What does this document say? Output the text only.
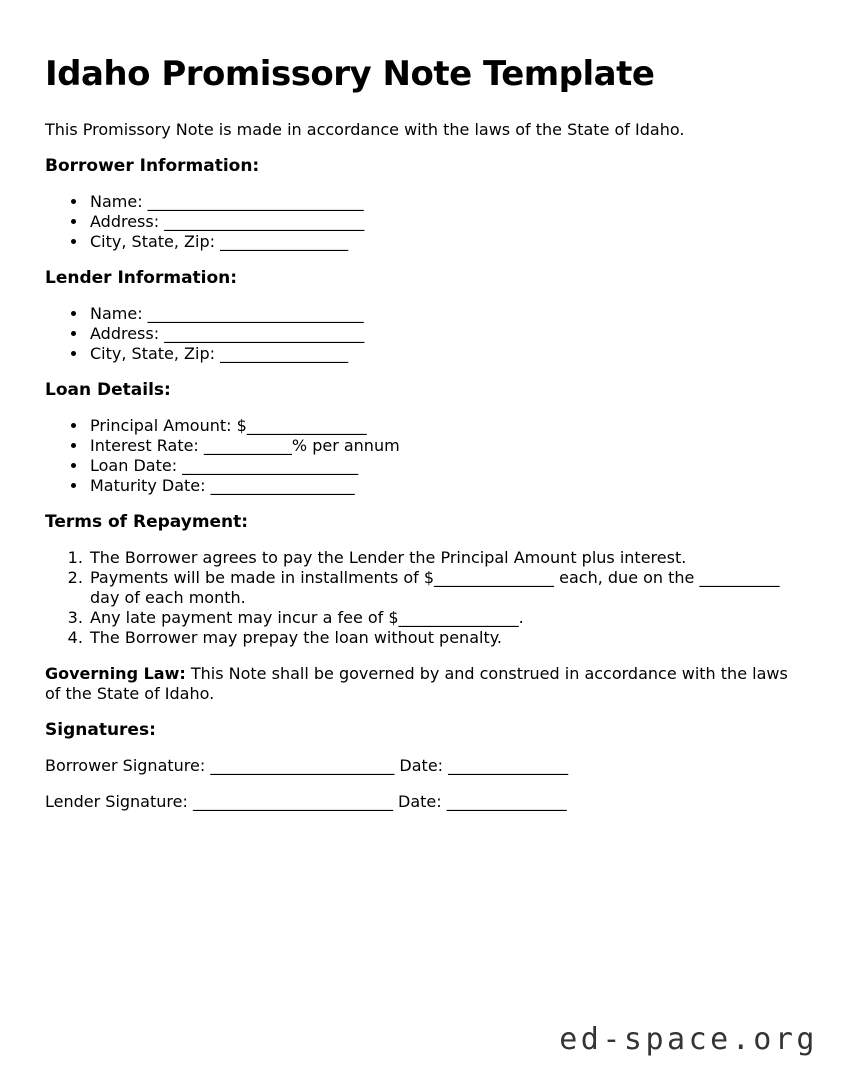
Idaho Promissory Note Template

This Promissory Note is made in accordance with the laws of the State of Idaho.

Borrower Information:
• Name: ___________________________
• Address: _________________________
• City, State, Zip: ________________
Lender Information:
• Name: ___________________________
• Address: _________________________
• City, State, Zip: ________________
Loan Details:
• Principal Amount: $_______________
• Interest Rate: ___________% per annum
• Loan Date: ______________________
• Maturity Date: __________________
Terms of Repayment:
1. The Borrower agrees to pay the Lender the Principal Amount plus interest.
2. Payments will be made in installments of $_______________ each, due on the __________ day of each month.
3. Any late payment may incur a fee of $_______________.
4. The Borrower may prepay the loan without penalty.

Governing Law: This Note shall be governed by and construed in accordance with the laws of the State of Idaho.

Signatures:

Borrower Signature: _______________________ Date: _______________

Lender Signature: _________________________ Date: _______________

ed-space.org
